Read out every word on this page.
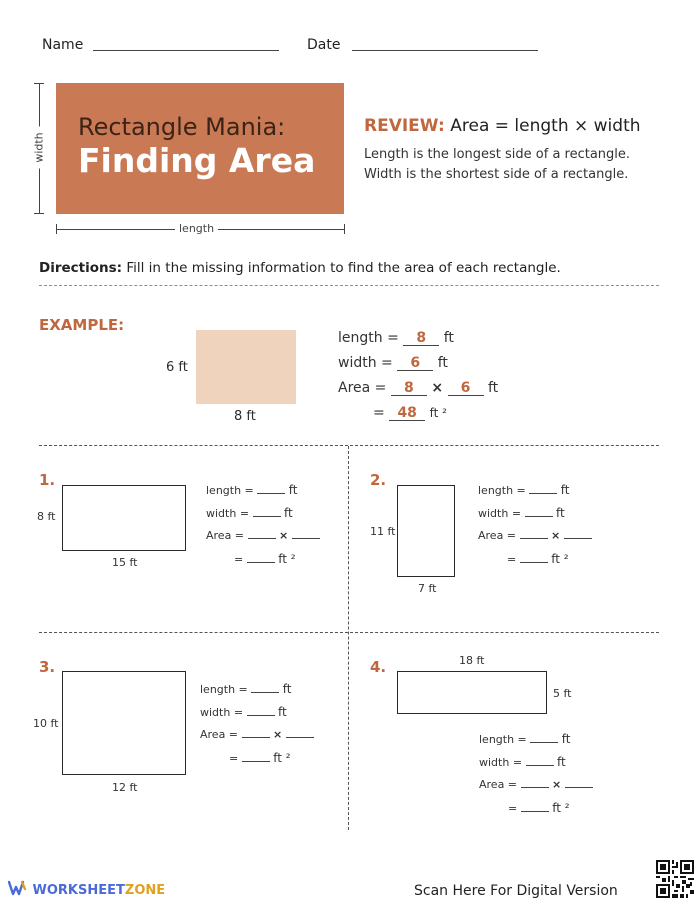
Name	Date
width
Rectangle Mania:
Finding Area
length
REVIEW: Area = length × width
Length is the longest side of a rectangle.
Width is the shortest side of a rectangle.
Directions: Fill in the missing information to find the area of each rectangle.
EXAMPLE:
6 ft
8 ft
length = 8 ft
width = 6 ft
Area = 8 × 6 ft
= 48 ft ²
1.
8 ft
15 ft
length =	ft
width =	ft
Area =	×
=	ft ²
2.
11 ft
7 ft
length =	ft
width =	ft
Area =	×
=	ft ²
3.
10 ft
12 ft
length =	ft
width =	ft
Area =	×
=	ft ²
4.	18 ft
5 ft
length =	ft
width =	ft
Area =	×
=	ft ²
WORKSHEETZONE	Scan Here For Digital Version
